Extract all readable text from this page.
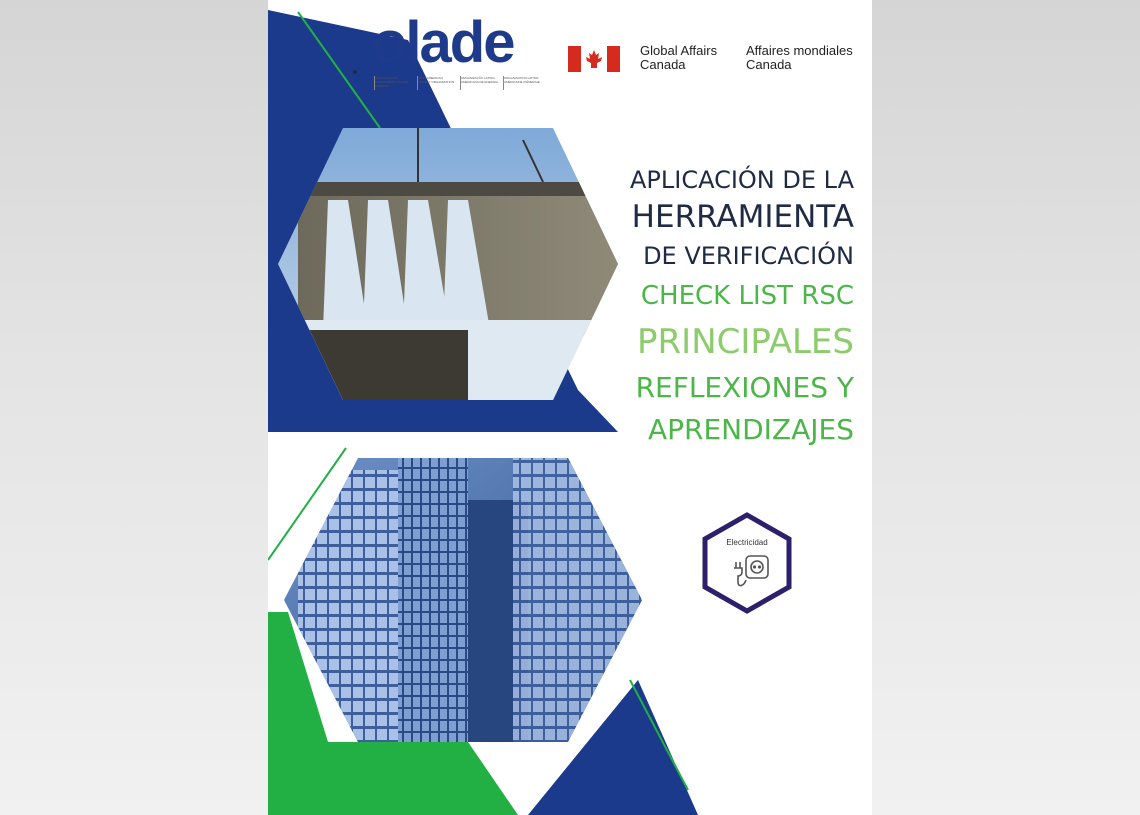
olade
ORGANIZACIÓN LATINOAMERICANA DE ENERGÍA
LATIN AMERICAN ENERGY ORGANIZATION
ORGANIZAÇÃO LATINO-AMERICANA DE ENERGIA
ORGANISATION LATINO-AMÉRICAINE D'ÉNERGIE
Global Affairs
Canada
Affaires mondiales
Canada
APLICACIÓN DE LA
HERRAMIENTA
DE VERIFICACIÓN
CHECK LIST RSC
PRINCIPALES
REFLEXIONES Y
APRENDIZAJES
Electricidad
